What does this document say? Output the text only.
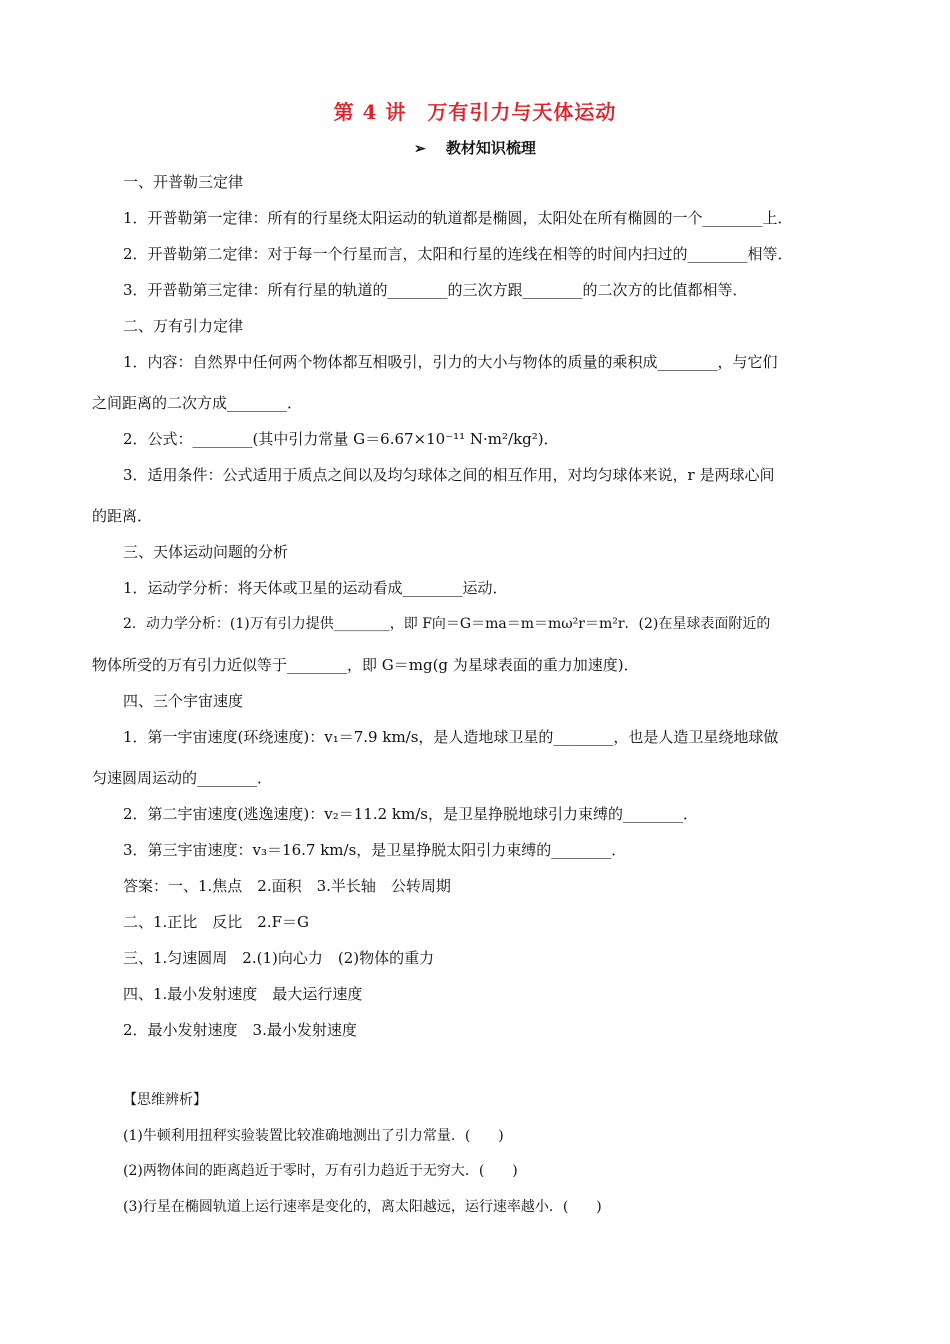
第 4 讲　万有引力与天体运动
➢ 教材知识梳理
一、开普勒三定律
1．开普勒第一定律：所有的行星绕太阳运动的轨道都是椭圆，太阳处在所有椭圆的一个________上．
2．开普勒第二定律：对于每一个行星而言，太阳和行星的连线在相等的时间内扫过的________相等．
3．开普勒第三定律：所有行星的轨道的________的三次方跟________的二次方的比值都相等．
二、万有引力定律
1．内容：自然界中任何两个物体都互相吸引，引力的大小与物体的质量的乘积成________，与它们
之间距离的二次方成________．
2．公式：________(其中引力常量 G＝6.67×10⁻¹¹ N·m²/kg²)．
3．适用条件：公式适用于质点之间以及均匀球体之间的相互作用，对均匀球体来说，r 是两球心间
的距离．
三、天体运动问题的分析
1．运动学分析：将天体或卫星的运动看成________运动．
2．动力学分析：(1)万有引力提供________，即 F向＝G＝ma＝m＝mω²r＝m²r．(2)在星球表面附近的
物体所受的万有引力近似等于________，即 G＝mg(g 为星球表面的重力加速度)．
四、三个宇宙速度
1．第一宇宙速度(环绕速度)：v₁＝7.9 km/s，是人造地球卫星的________，也是人造卫星绕地球做
匀速圆周运动的________．
2．第二宇宙速度(逃逸速度)：v₂＝11.2 km/s，是卫星挣脱地球引力束缚的________．
3．第三宇宙速度：v₃＝16.7 km/s，是卫星挣脱太阳引力束缚的________．
答案：一、1.焦点　2.面积　3.半长轴　公转周期
二、1.正比　反比　2.F＝G
三、1.匀速圆周　2.(1)向心力　(2)物体的重力
四、1.最小发射速度　最大运行速度
2．最小发射速度　3.最小发射速度
【思维辨析】
(1)牛顿利用扭秤实验装置比较准确地测出了引力常量．(　　)
(2)两物体间的距离趋近于零时，万有引力趋近于无穷大．(　　)
(3)行星在椭圆轨道上运行速率是变化的，离太阳越远，运行速率越小．(　　)
